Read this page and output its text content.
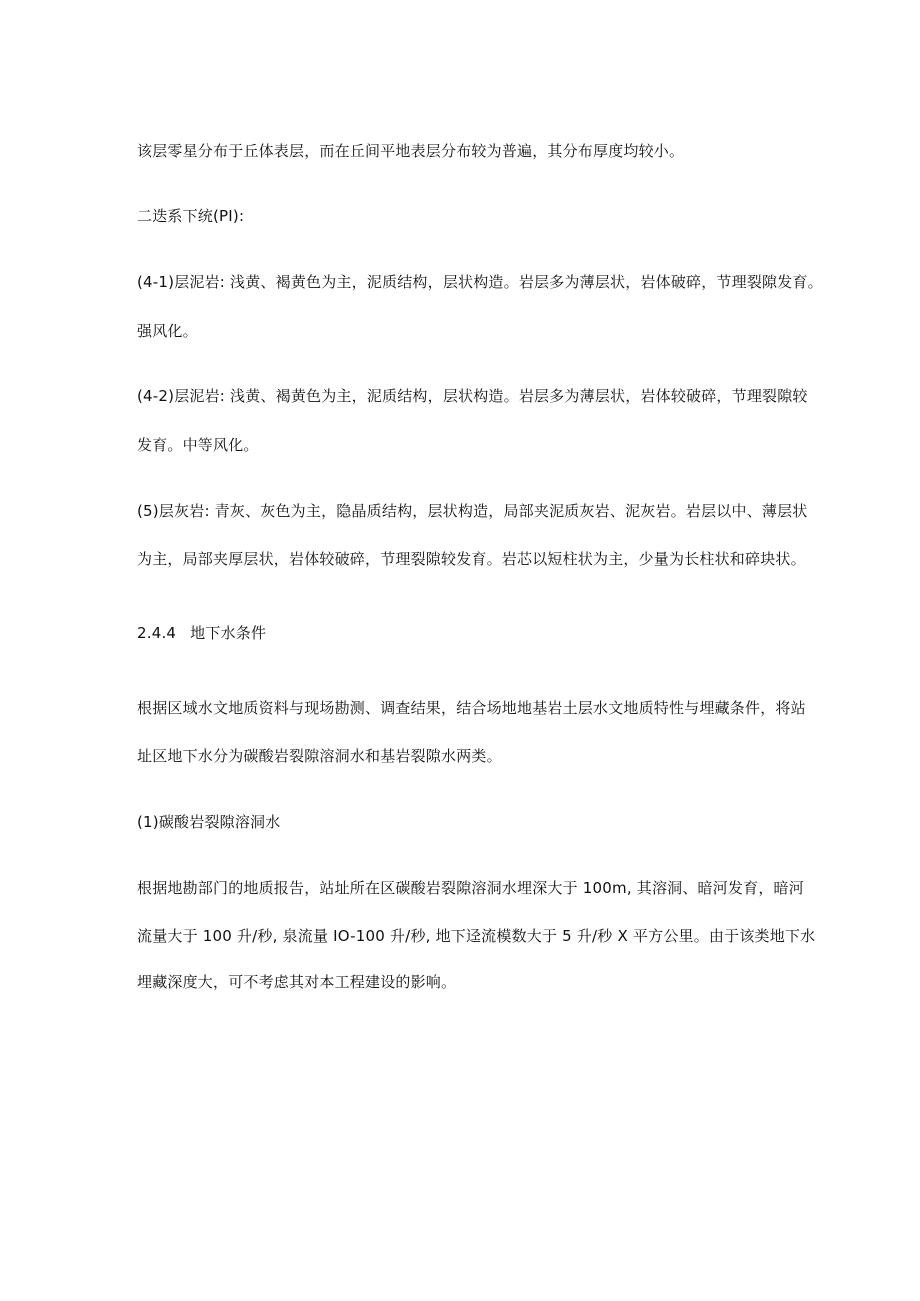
该层零星分布于丘体表层，而在丘间平地表层分布较为普遍，其分布厚度均较小。
二迭系下统(PI):
(4-1)层泥岩: 浅黄、褐黄色为主，泥质结构，层状构造。岩层多为薄层状，岩体破碎，节理裂隙发育。
强风化。
(4-2)层泥岩: 浅黄、褐黄色为主，泥质结构，层状构造。岩层多为薄层状，岩体较破碎，节理裂隙较
发育。中等风化。
(5)层灰岩: 青灰、灰色为主，隐晶质结构，层状构造，局部夹泥质灰岩、泥灰岩。岩层以中、薄层状
为主，局部夹厚层状，岩体较破碎，节理裂隙较发育。岩芯以短柱状为主，少量为长柱状和碎块状。
2.4.4 地下水条件
根据区域水文地质资料与现场勘测、调查结果，结合场地地基岩土层水文地质特性与埋藏条件，将站
址区地下水分为碳酸岩裂隙溶洞水和基岩裂隙水两类。
(1)碳酸岩裂隙溶洞水
根据地勘部门的地质报告，站址所在区碳酸岩裂隙溶洞水埋深大于 100m, 其溶洞、暗河发育，暗河
流量大于 100 升/秒, 泉流量 IO-100 升/秒, 地下迳流模数大于 5 升/秒 X 平方公里。由于该类地下水
埋藏深度大，可不考虑其对本工程建设的影响。
